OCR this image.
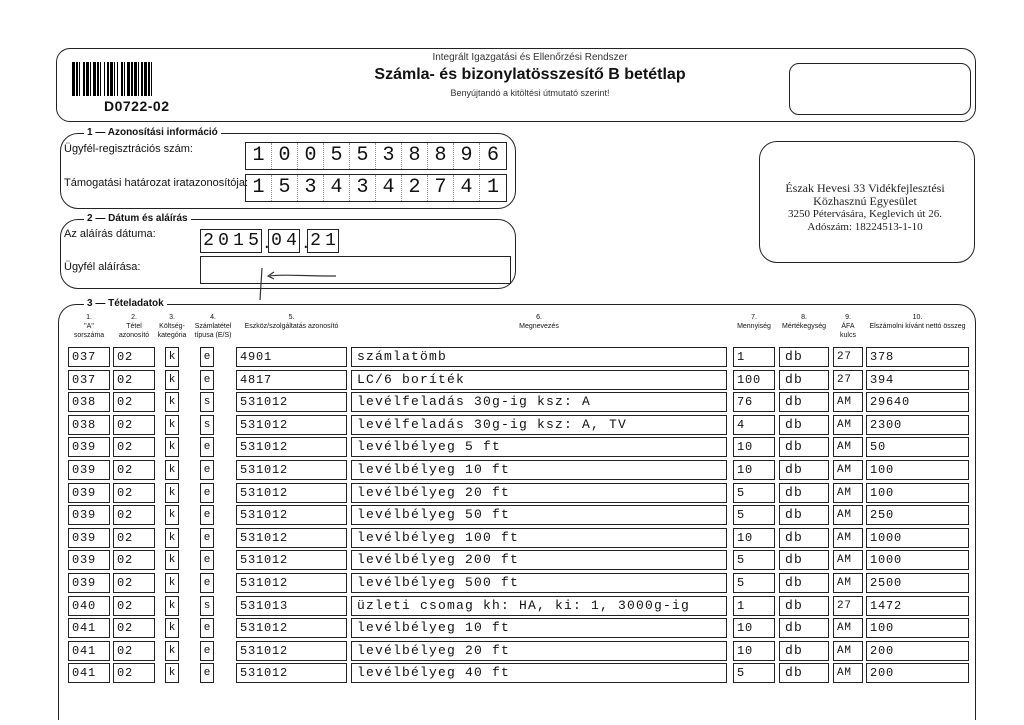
D0722-02
Integrált Igazgatási és Ellenőrzési Rendszer
Számla- és bizonylatösszesítő B betétlap
Benyújtandó a kitöltési útmutató szerint!
1 — Azonosítási információ
Ügyfél-regisztrációs szám:	1 0 0 5 5 3 8 8 9 6
Támogatási határozat iratazonosítója: 1 5 3 4 3 4 2 7 4 1
2 — Dátum és aláírás
Az aláírás dátuma:	2 0 1 5 . 0 4 . 2 1
Ügyfél aláírása:
Észak Hevesi 33 Vidékfejlesztési
Közhasznú Egyesület
3250 Pétervására, Keglevich út 26.
Adószám: 18224513-1-10
3 — Tételadatok
1.
"A"
sorszáma
2.
Tétel
azonosító
3.
Költség-
kategória
4.
Számlatétel
típusa (E/S)
5.
Eszköz/szolgáltatás azonosító
6.
Megnevezés
7.
Mennyiség
8.
Mértékegység
9.
ÁFA
kulcs
10.
Elszámolni kívánt nettó összeg
037	02	k	e	4901	számlatömb	1	db	27	378
037	02	k	e	4817	LC/6 boríték	100	db	27	394
038	02	k	s	531012	levélfeladás 30g-ig ksz: A	76	db	AM	29640
038	02	k	s	531012	levélfeladás 30g-ig ksz: A, TV	4	db	AM	2300
039	02	k	e	531012	levélbélyeg 5 ft	10	db	AM	50
039	02	k	e	531012	levélbélyeg 10 ft	10	db	AM	100
039	02	k	e	531012	levélbélyeg 20 ft	5	db	AM	100
039	02	k	e	531012	levélbélyeg 50 ft	5	db	AM	250
039	02	k	e	531012	levélbélyeg 100 ft	10	db	AM	1000
039	02	k	e	531012	levélbélyeg 200 ft	5	db	AM	1000
039	02	k	e	531012	levélbélyeg 500 ft	5	db	AM	2500
040	02	k	s	531013	üzleti csomag kh: HA, ki: 1, 3000g-ig	1	db	27	1472
041	02	k	e	531012	levélbélyeg 10 ft	10	db	AM	100
041	02	k	e	531012	levélbélyeg 20 ft	10	db	AM	200
041	02	k	e	531012	levélbélyeg 40 ft	5	db	AM	200
